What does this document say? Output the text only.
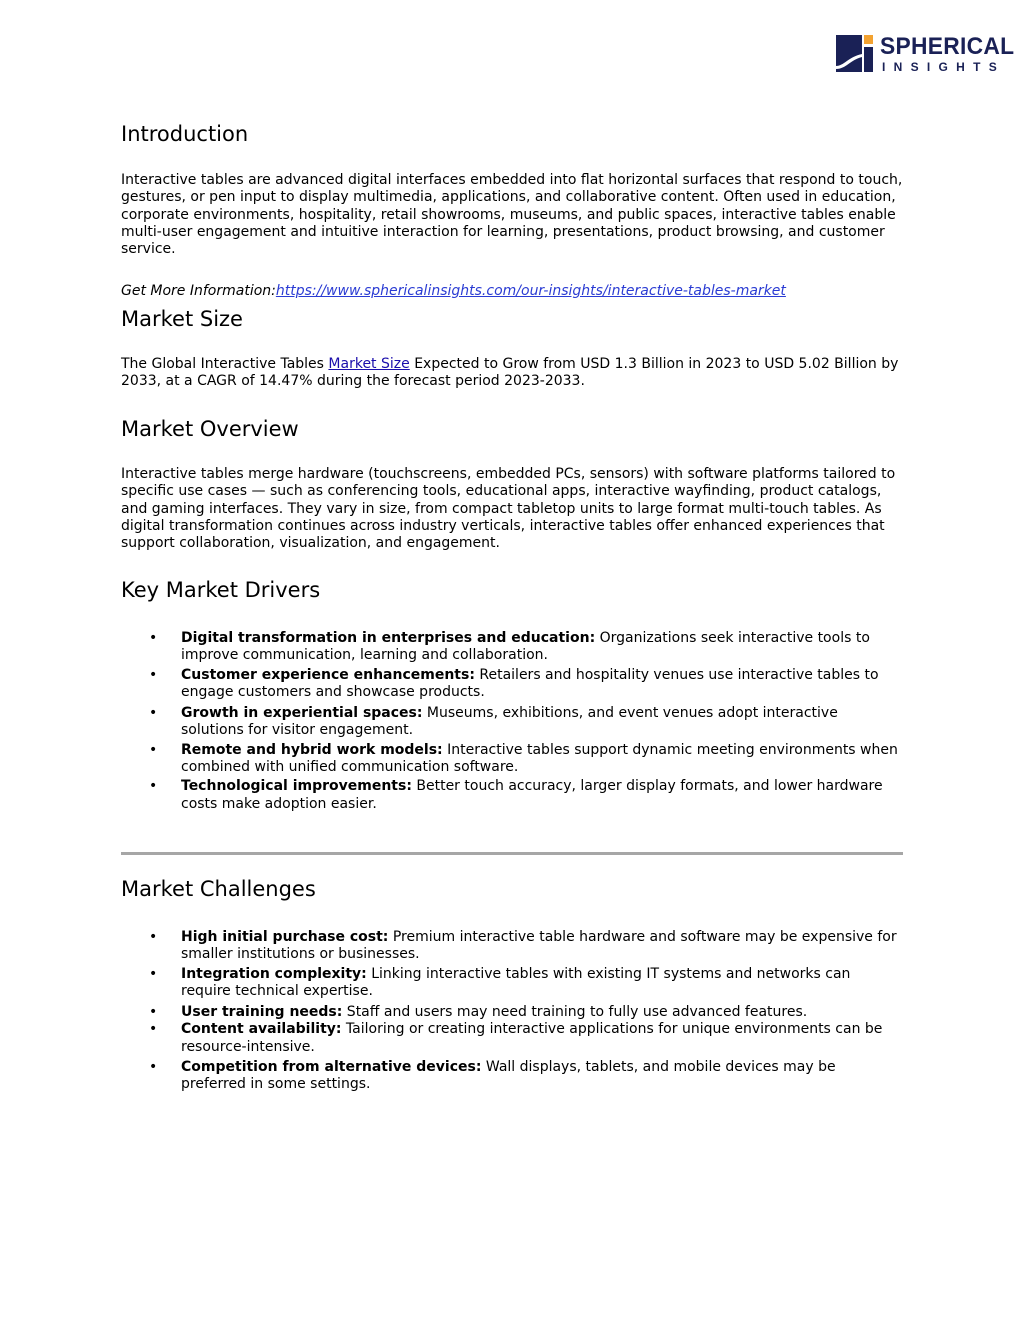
SPHERICAL
INSIGHTS
Introduction

Interactive tables are advanced digital interfaces embedded into flat horizontal surfaces that respond to touch, gestures, or pen input to display multimedia, applications, and collaborative content. Often used in education, corporate environments, hospitality, retail showrooms, museums, and public spaces, interactive tables enable multi-user engagement and intuitive interaction for learning, presentations, product browsing, and customer service.

Get More Information:https://www.sphericalinsights.com/our-insights/interactive-tables-market

Market Size

The Global Interactive Tables Market Size Expected to Grow from USD 1.3 Billion in 2023 to USD 5.02 Billion by 2033, at a CAGR of 14.47% during the forecast period 2023-2033.

Market Overview

Interactive tables merge hardware (touchscreens, embedded PCs, sensors) with software platforms tailored to specific use cases — such as conferencing tools, educational apps, interactive wayfinding, product catalogs, and gaming interfaces. They vary in size, from compact tabletop units to large format multi-touch tables. As digital transformation continues across industry verticals, interactive tables offer enhanced experiences that support collaboration, visualization, and engagement.

Key Market Drivers
• Digital transformation in enterprises and education: Organizations seek interactive tools to improve communication, learning and collaboration.
• Customer experience enhancements: Retailers and hospitality venues use interactive tables to engage customers and showcase products.
• Growth in experiential spaces: Museums, exhibitions, and event venues adopt interactive solutions for visitor engagement.
• Remote and hybrid work models: Interactive tables support dynamic meeting environments when combined with unified communication software.
• Technological improvements: Better touch accuracy, larger display formats, and lower hardware costs make adoption easier.
Market Challenges
• High initial purchase cost: Premium interactive table hardware and software may be expensive for smaller institutions or businesses.
• Integration complexity: Linking interactive tables with existing IT systems and networks can require technical expertise.
• User training needs: Staff and users may need training to fully use advanced features.
• Content availability: Tailoring or creating interactive applications for unique environments can be resource-intensive.
• Competition from alternative devices: Wall displays, tablets, and mobile devices may be preferred in some settings.
